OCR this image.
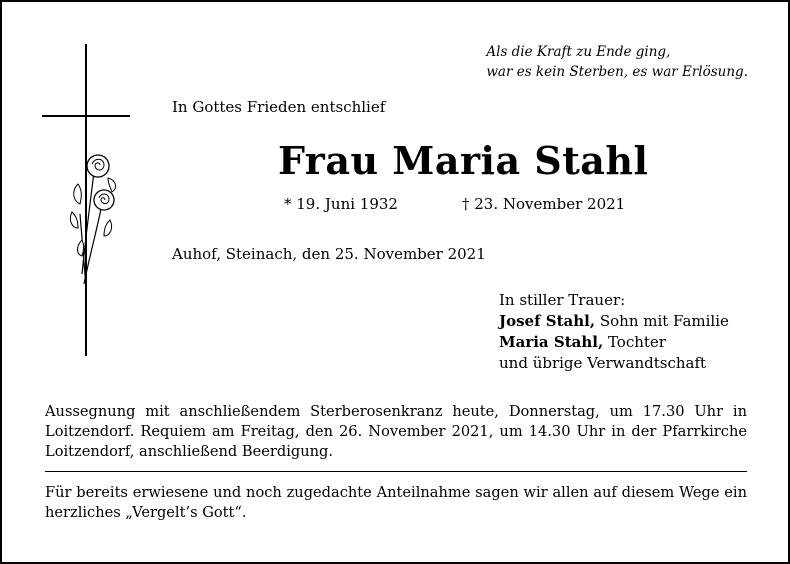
Als die Kraft zu Ende ging,
war es kein Sterben, es war Erlösung.
In Gottes Frieden entschlief
Frau Maria Stahl
* 19. Juni 1932	† 23. November 2021
Auhof, Steinach, den 25. November 2021
In stiller Trauer:
Josef Stahl, Sohn mit Familie
Maria Stahl, Tochter
und übrige Verwandtschaft
Aussegnung mit anschließendem Sterberosenkranz heute, Donnerstag, um 17.30 Uhr in Loitzendorf. Requiem am Freitag, den 26. November 2021, um 14.30 Uhr in der Pfarrkirche Loitzendorf, anschließend Beerdigung.
Für bereits erwiesene und noch zugedachte Anteilnahme sagen wir allen auf diesem Wege ein herzliches „Vergelt’s Gott“.
